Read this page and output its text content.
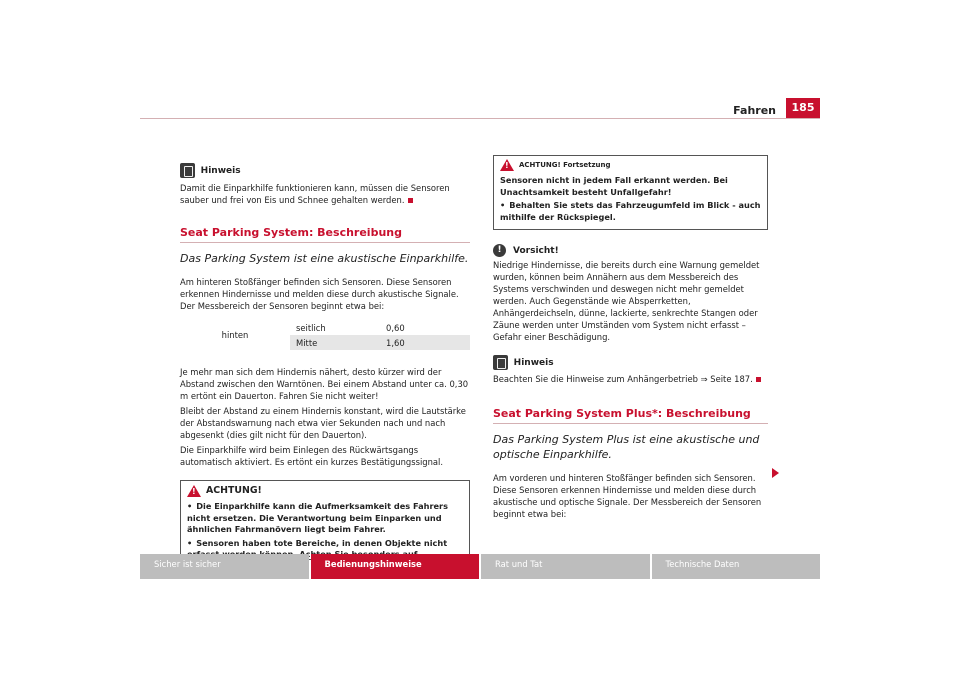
Fahren	185
Hinweis

Damit die Einparkhilfe funktionieren kann, müssen die Sensoren sauber und frei von Eis und Schnee gehalten werden.

Seat Parking System: Beschreibung
Das Parking System ist eine akustische Einparkhilfe.

Am hinteren Stoßfänger befinden sich Sensoren. Diese Sensoren erkennen Hindernisse und melden diese durch akustische Signale. Der Messbereich der Sensoren beginnt etwa bei:

hinten
seitlich	0,60
Mitte	1,60

Je mehr man sich dem Hindernis nähert, desto kürzer wird der Abstand zwischen den Warntönen. Bei einem Abstand unter ca. 0,30 m ertönt ein Dauerton. Fahren Sie nicht weiter!

Bleibt der Abstand zu einem Hindernis konstant, wird die Lautstärke der Abstandswarnung nach etwa vier Sekunden nach und nach abgesenkt (dies gilt nicht für den Dauerton).

Die Einparkhilfe wird beim Einlegen des Rückwärtsgangs automatisch aktiviert. Es ertönt ein kurzes Bestätigungssignal.

!
ACHTUNG!

• Die Einparkhilfe kann die Aufmerksamkeit des Fahrers nicht ersetzen. Die Verantwortung beim Einparken und ähnlichen Fahrmanövern liegt beim Fahrer.

• Sensoren haben tote Bereiche, in denen Objekte nicht

!
ACHTUNG! Fortsetzung

Sensoren nicht in jedem Fall erkannt werden. Bei Unachtsamkeit besteht Unfallgefahr!

• Behalten Sie stets das Fahrzeugumfeld im Blick - auch mithilfe der Rückspiegel.

!	Vorsicht!

Niedrige Hindernisse, die bereits durch eine Warnung gemeldet wurden, können beim Annähern aus dem Messbereich des Systems verschwinden und deswegen nicht mehr gemeldet werden. Auch Gegenstände wie Absperrketten, Anhängerdeichseln, dünne, lackierte, senkrechte Stangen oder Zäune werden unter Umständen vom System nicht erfasst – Gefahr einer Beschädigung.

Hinweis

Beachten Sie die Hinweise zum Anhängerbetrieb ⇒ Seite 187.

Seat Parking System Plus*: Beschreibung
Das Parking System Plus ist eine akustische und optische Einparkhilfe.

Am vorderen und hinteren Stoßfänger befinden sich Sensoren. Diese Sensoren erkennen Hindernisse und melden diese durch akustische und optische Signale. Der Messbereich der Sensoren beginnt etwa bei:

Sicher ist sicher	Bedienungshinweise	Rat und Tat	Technische Daten
